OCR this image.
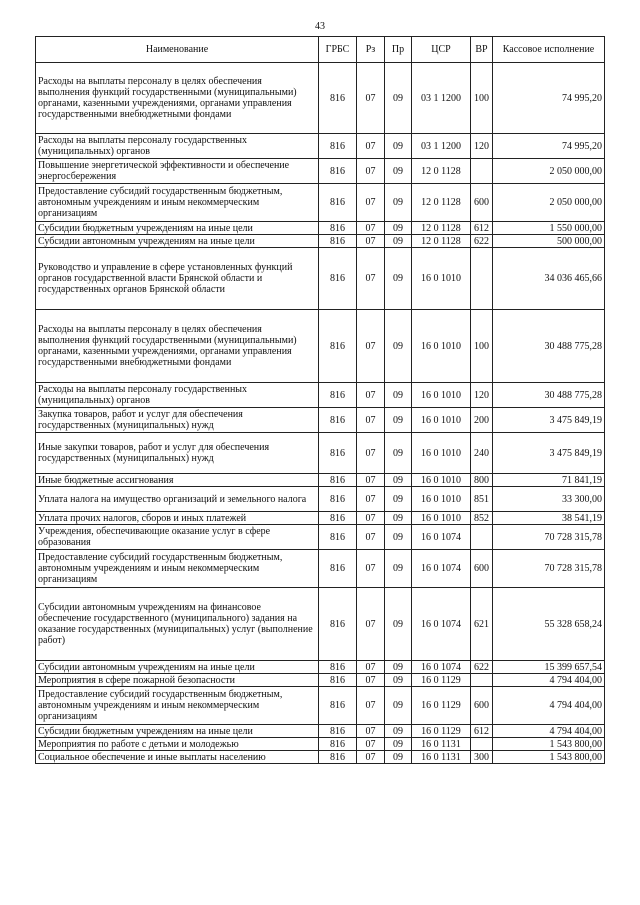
43
Наименование	ГРБС	Рз	Пр	ЦСР	ВР	Кассовое исполнение
Расходы на выплаты персоналу в целях обеспечения выполнения функций государственными (муниципальными) органами, казенными учреждениями, органами управления государственными внебюджетными фондами	816	07	09	03 1 1200	100	74 995,20
Расходы на выплаты персоналу государственных (муниципальных) органов	816	07	09	03 1 1200	120	74 995,20
Повышение энергетической эффективности и обеспечение энергосбережения	816	07	09	12 0 1128		2 050 000,00
Предоставление субсидий государственным бюджетным, автономным учреждениям и иным некоммерческим организациям	816	07	09	12 0 1128	600	2 050 000,00
Субсидии бюджетным учреждениям на иные цели	816	07	09	12 0 1128	612	1 550 000,00
Субсидии автономным учреждениям на иные цели	816	07	09	12 0 1128	622	500 000,00
Руководство и управление в сфере установленных функций органов государственной власти Брянской области и государственных органов Брянской области	816	07	09	16 0 1010		34 036 465,66
Расходы на выплаты персоналу в целях обеспечения выполнения функций государственными (муниципальными) органами, казенными учреждениями, органами управления государственными внебюджетными фондами	816	07	09	16 0 1010	100	30 488 775,28
Расходы на выплаты персоналу государственных (муниципальных) органов	816	07	09	16 0 1010	120	30 488 775,28
Закупка товаров, работ и услуг для обеспечения государственных (муниципальных) нужд	816	07	09	16 0 1010	200	3 475 849,19
Иные закупки товаров, работ и услуг для обеспечения государственных (муниципальных) нужд	816	07	09	16 0 1010	240	3 475 849,19
Иные бюджетные ассигнования	816	07	09	16 0 1010	800	71 841,19
Уплата налога на имущество организаций и земельного налога	816	07	09	16 0 1010	851	33 300,00
Уплата прочих налогов, сборов и иных платежей	816	07	09	16 0 1010	852	38 541,19
Учреждения, обеспечивающие оказание услуг в сфере образования	816	07	09	16 0 1074		70 728 315,78
Предоставление субсидий государственным бюджетным, автономным учреждениям и иным некоммерческим организациям	816	07	09	16 0 1074	600	70 728 315,78
Субсидии автономным учреждениям на финансовое обеспечение государственного (муниципального) задания на оказание государственных (муниципальных) услуг (выполнение работ)	816	07	09	16 0 1074	621	55 328 658,24
Субсидии автономным учреждениям на иные цели	816	07	09	16 0 1074	622	15 399 657,54
Мероприятия в сфере пожарной безопасности	816	07	09	16 0 1129		4 794 404,00
Предоставление субсидий государственным бюджетным, автономным учреждениям и иным некоммерческим организациям	816	07	09	16 0 1129	600	4 794 404,00
Субсидии бюджетным учреждениям на иные цели	816	07	09	16 0 1129	612	4 794 404,00
Мероприятия по работе с детьми и молодежью	816	07	09	16 0 1131		1 543 800,00
Социальное обеспечение и иные выплаты населению	816	07	09	16 0 1131	300	1 543 800,00
